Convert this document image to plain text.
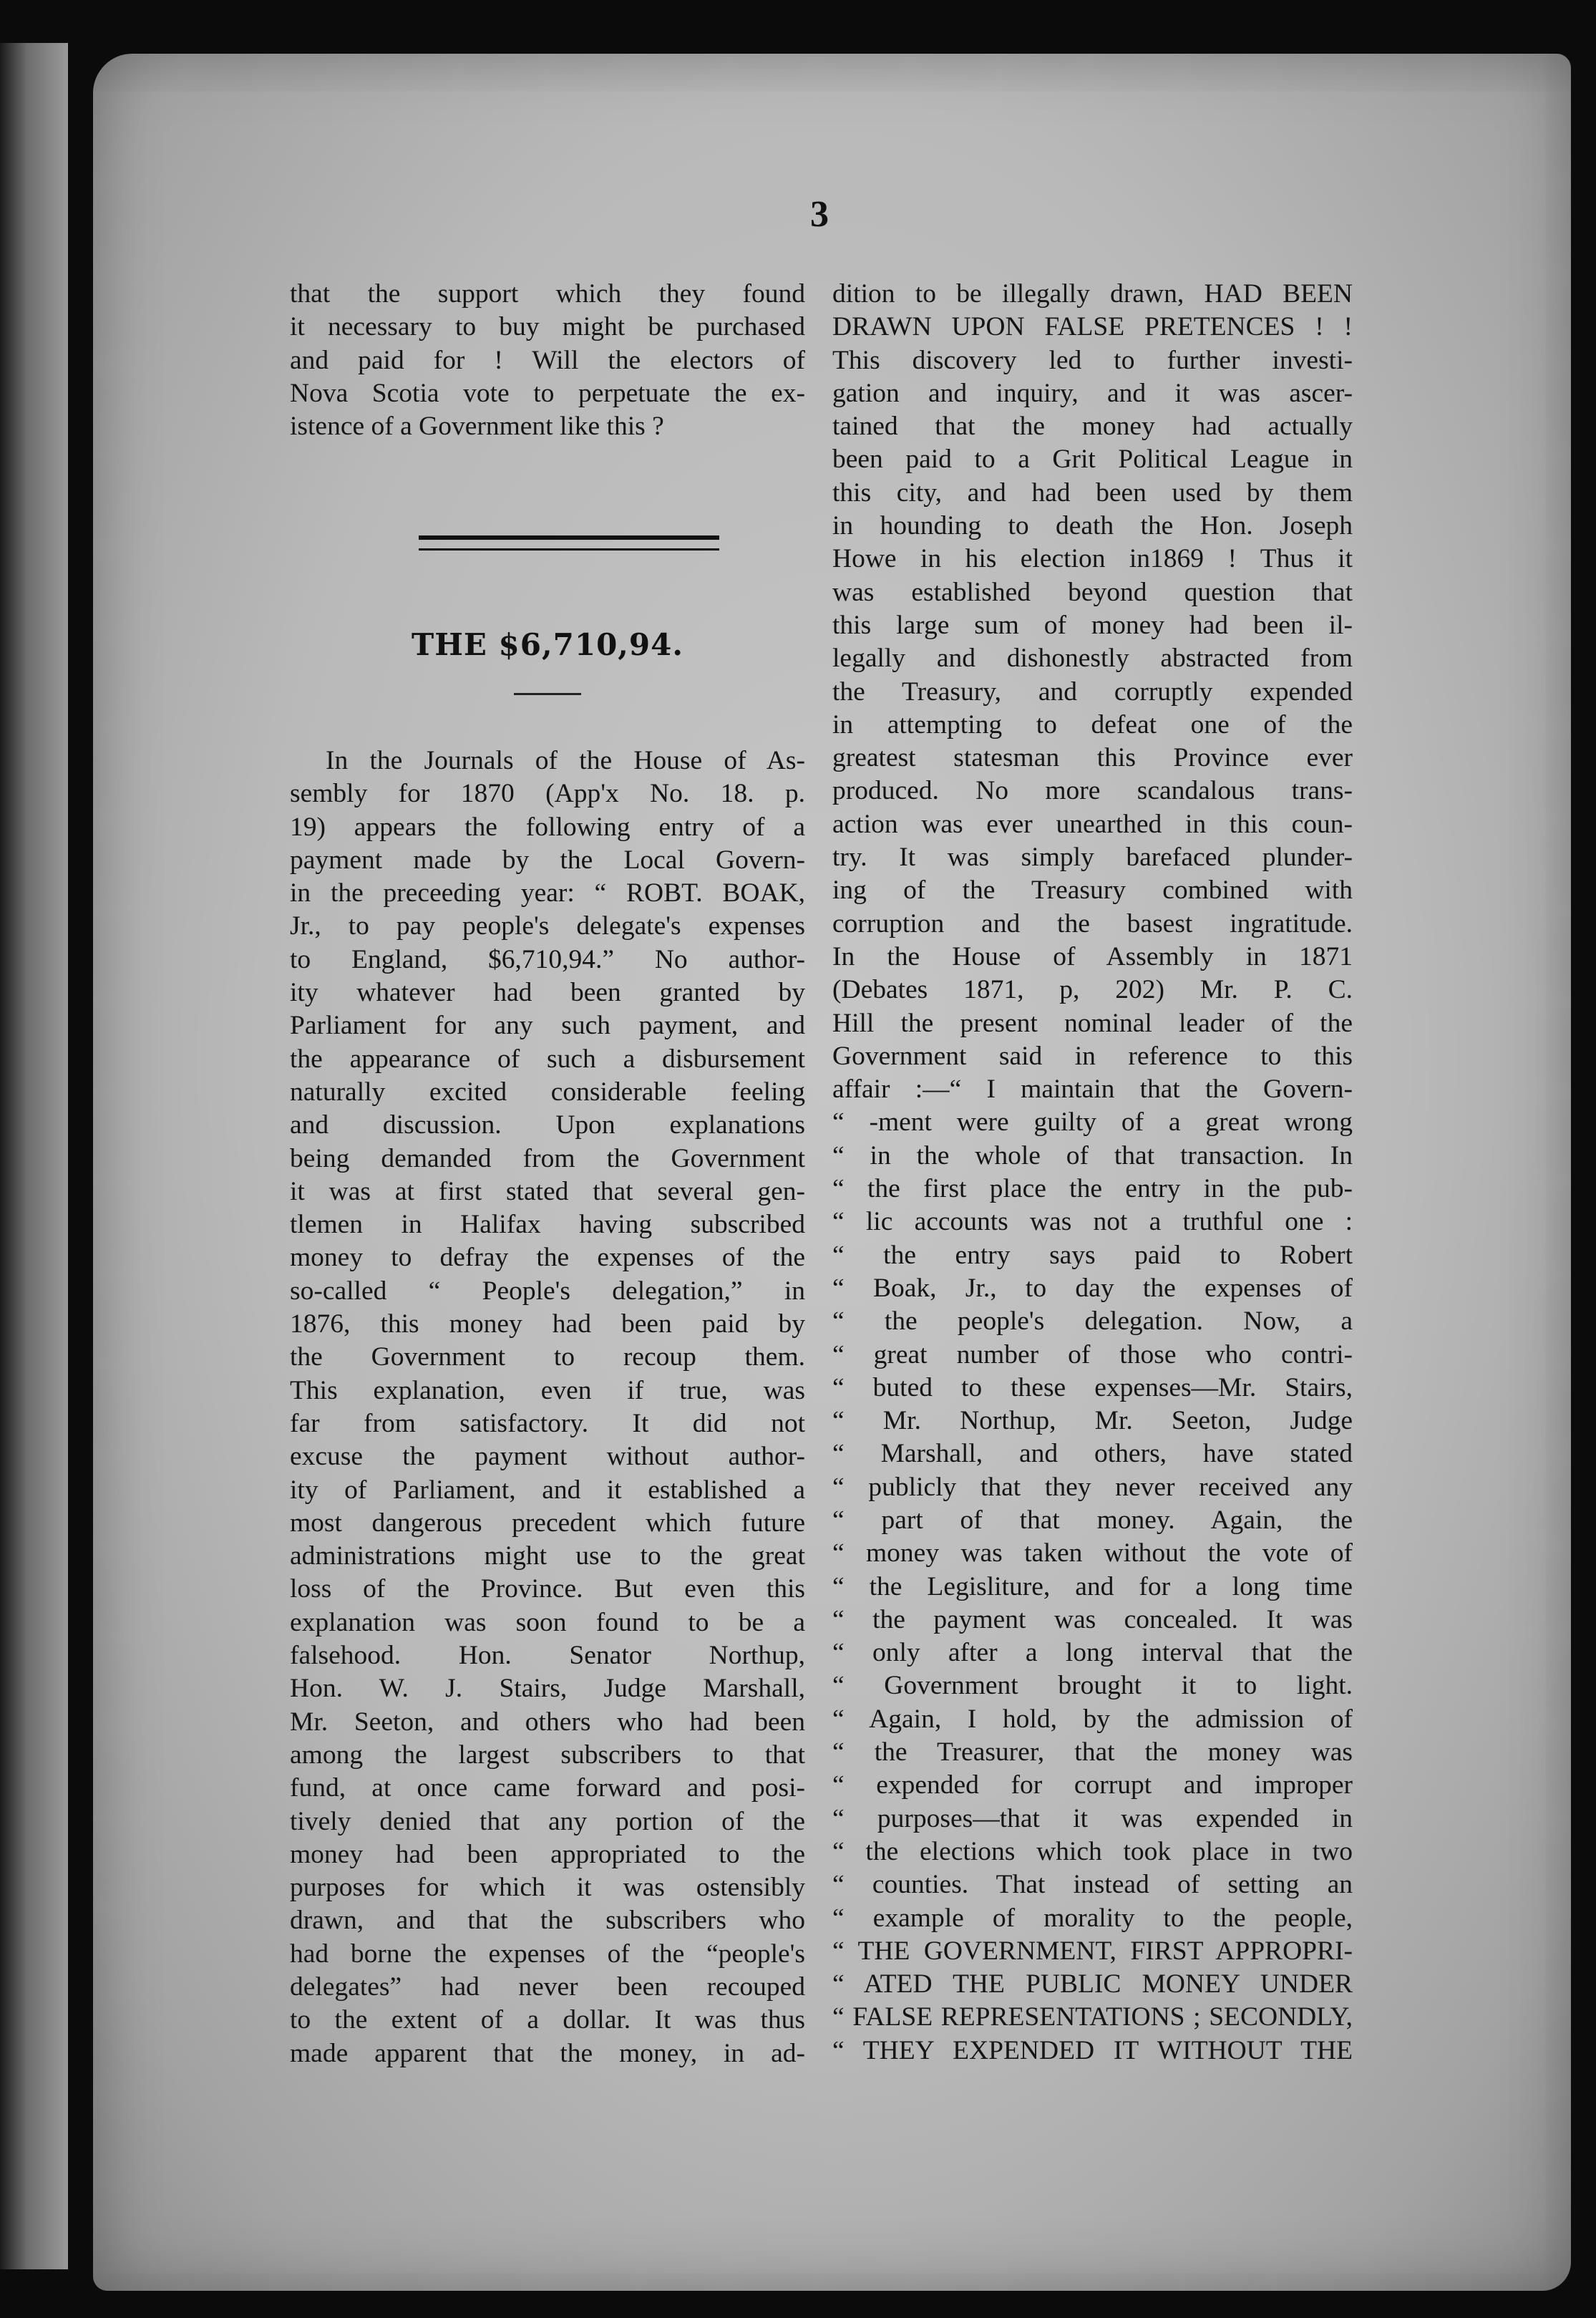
3
that the support which they found
it necessary to buy might be purchased
and paid for ! Will the electors of
Nova Scotia vote to perpetuate the ex-
istence of a Government like this ?
THE $6,710,94.
In the Journals of the House of As-
sembly for 1870 (App'x No. 18. p.
19) appears the following entry of a
payment made by the Local Govern-
in the preceeding year: “ ROBT. BOAK,
Jr., to pay people's delegate's expenses
to England, $6,710,94.” No author-
ity whatever had been granted by
Parliament for any such payment, and
the appearance of such a disbursement
naturally excited considerable feeling
and discussion. Upon explanations
being demanded from the Government
it was at first stated that several gen-
tlemen in Halifax having subscribed
money to defray the expenses of the
so-called “ People's delegation,” in
1876, this money had been paid by
the Government to recoup them.
This explanation, even if true, was
far from satisfactory. It did not
excuse the payment without author-
ity of Parliament, and it established a
most dangerous precedent which future
administrations might use to the great
loss of the Province. But even this
explanation was soon found to be a
falsehood. Hon. Senator Northup,
Hon. W. J. Stairs, Judge Marshall,
Mr. Seeton, and others who had been
among the largest subscribers to that
fund, at once came forward and posi-
tively denied that any portion of the
money had been appropriated to the
purposes for which it was ostensibly
drawn, and that the subscribers who
had borne the expenses of the “people's
delegates” had never been recouped
to the extent of a dollar. It was thus
made apparent that the money, in ad-
dition to be illegally drawn, HAD BEEN
DRAWN UPON FALSE PRETENCES ! !
This discovery led to further investi-
gation and inquiry, and it was ascer-
tained that the money had actually
been paid to a Grit Political League in
this city, and had been used by them
in hounding to death the Hon. Joseph
Howe in his election in1869 ! Thus it
was established beyond question that
this large sum of money had been il-
legally and dishonestly abstracted from
the Treasury, and corruptly expended
in attempting to defeat one of the
greatest statesman this Province ever
produced. No more scandalous trans-
action was ever unearthed in this coun-
try. It was simply barefaced plunder-
ing of the Treasury combined with
corruption and the basest ingratitude.
In the House of Assembly in 1871
(Debates 1871, p, 202) Mr. P. C.
Hill the present nominal leader of the
Government said in reference to this
affair :—“ I maintain that the Govern-
“ -ment were guilty of a great wrong
“ in the whole of that transaction. In
“ the first place the entry in the pub-
“ lic accounts was not a truthful one :
“ the entry says paid to Robert
“ Boak, Jr., to day the expenses of
“ the people's delegation. Now, a
“ great number of those who contri-
“ buted to these expenses—Mr. Stairs,
“ Mr. Northup, Mr. Seeton, Judge
“ Marshall, and others, have stated
“ publicly that they never received any
“ part of that money. Again, the
“ money was taken without the vote of
“ the Legisliture, and for a long time
“ the payment was concealed. It was
“ only after a long interval that the
“ Government brought it to light.
“ Again, I hold, by the admission of
“ the Treasurer, that the money was
“ expended for corrupt and improper
“ purposes—that it was expended in
“ the elections which took place in two
“ counties. That instead of setting an
“ example of morality to the people,
“ THE GOVERNMENT, FIRST APPROPRI-
“ ATED THE PUBLIC MONEY UNDER
“ FALSE REPRESENTATIONS ; SECONDLY,
“ THEY EXPENDED IT WITHOUT THE
